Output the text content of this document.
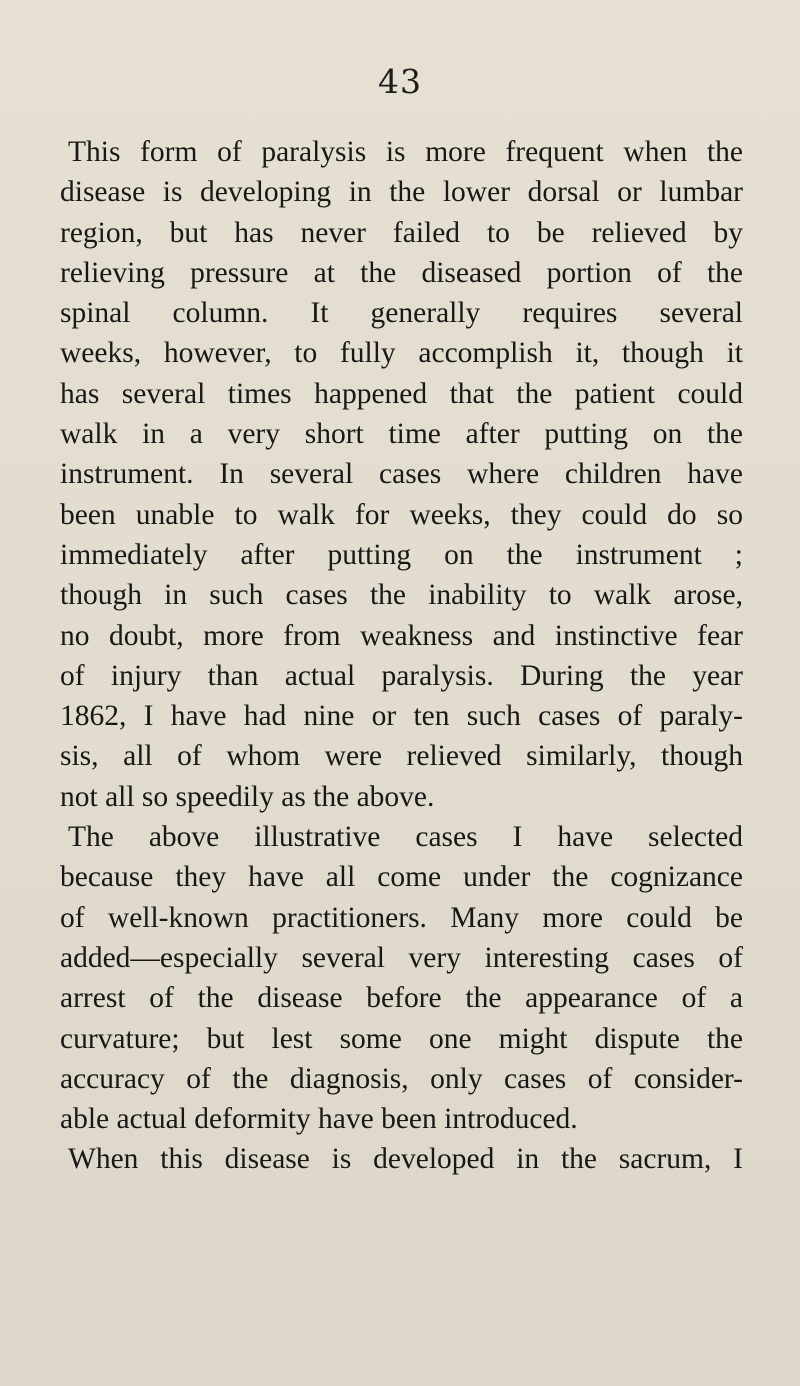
43
This form of paralysis is more frequent when the
disease is developing in the lower dorsal or lumbar
region, but has never failed to be relieved by
relieving pressure at the diseased portion of the
spinal column. It generally requires several
weeks, however, to fully accomplish it, though it
has several times happened that the patient could
walk in a very short time after putting on the
instrument. In several cases where children have
been unable to walk for weeks, they could do so
immediately after putting on the instrument ;
though in such cases the inability to walk arose,
no doubt, more from weakness and instinctive fear
of injury than actual paralysis. During the year
1862, I have had nine or ten such cases of paraly-
sis, all of whom were relieved similarly, though
not all so speedily as the above.
The above illustrative cases I have selected
because they have all come under the cognizance
of well-known practitioners. Many more could be
added—especially several very interesting cases of
arrest of the disease before the appearance of a
curvature; but lest some one might dispute the
accuracy of the diagnosis, only cases of consider-
able actual deformity have been introduced.
When this disease is developed in the sacrum, I
